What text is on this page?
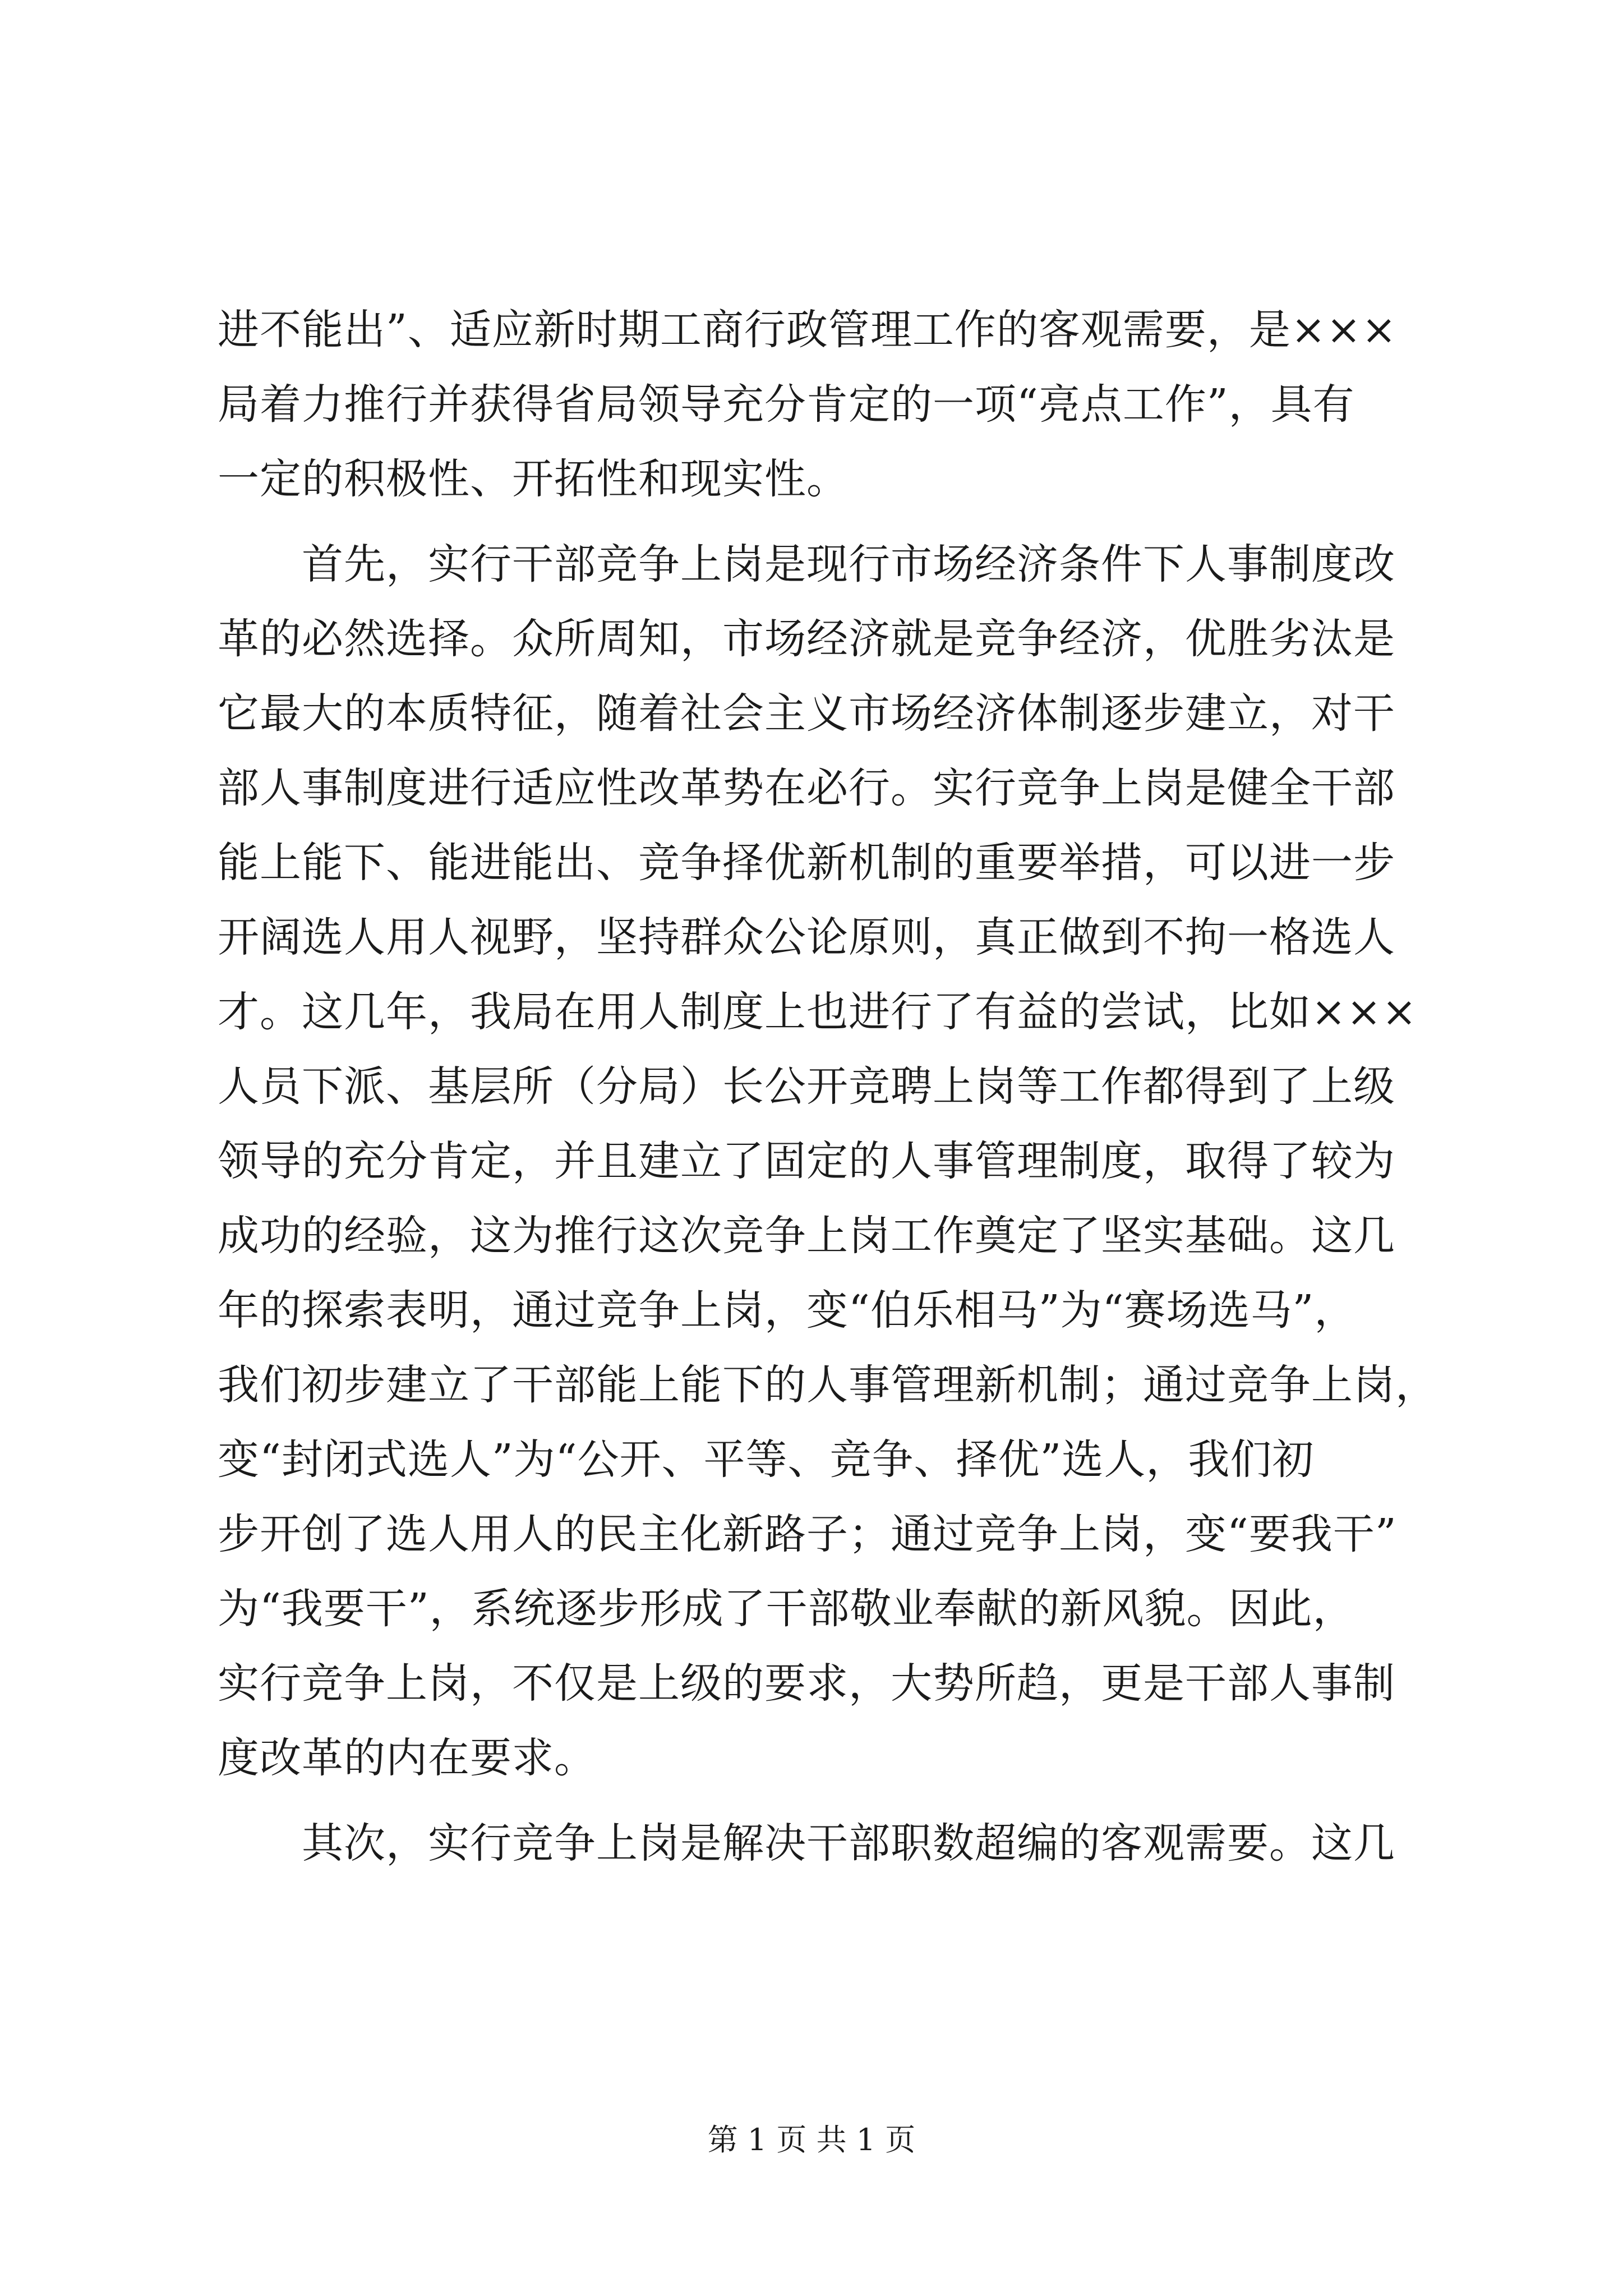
进不能出”、适应新时期工商行政管理工作的客观需要，是×××
局着力推行并获得省局领导充分肯定的一项“亮点工作”，具有
一定的积极性、开拓性和现实性。
　　首先，实行干部竞争上岗是现行市场经济条件下人事制度改
革的必然选择。众所周知，市场经济就是竞争经济，优胜劣汰是
它最大的本质特征，随着社会主义市场经济体制逐步建立，对干
部人事制度进行适应性改革势在必行。实行竞争上岗是健全干部
能上能下、能进能出、竞争择优新机制的重要举措，可以进一步
开阔选人用人视野，坚持群众公论原则，真正做到不拘一格选人
才。这几年，我局在用人制度上也进行了有益的尝试，比如×××
人员下派、基层所（分局）长公开竞聘上岗等工作都得到了上级
领导的充分肯定，并且建立了固定的人事管理制度，取得了较为
成功的经验，这为推行这次竞争上岗工作奠定了坚实基础。这几
年的探索表明，通过竞争上岗，变“伯乐相马”为“赛场选马”，
我们初步建立了干部能上能下的人事管理新机制；通过竞争上岗，
变“封闭式选人”为“公开、平等、竞争、择优”选人，我们初
步开创了选人用人的民主化新路子；通过竞争上岗，变“要我干”
为“我要干”，系统逐步形成了干部敬业奉献的新风貌。因此，
实行竞争上岗，不仅是上级的要求，大势所趋，更是干部人事制
度改革的内在要求。
　　其次，实行竞争上岗是解决干部职数超编的客观需要。这几
第 1 页 共 1 页
